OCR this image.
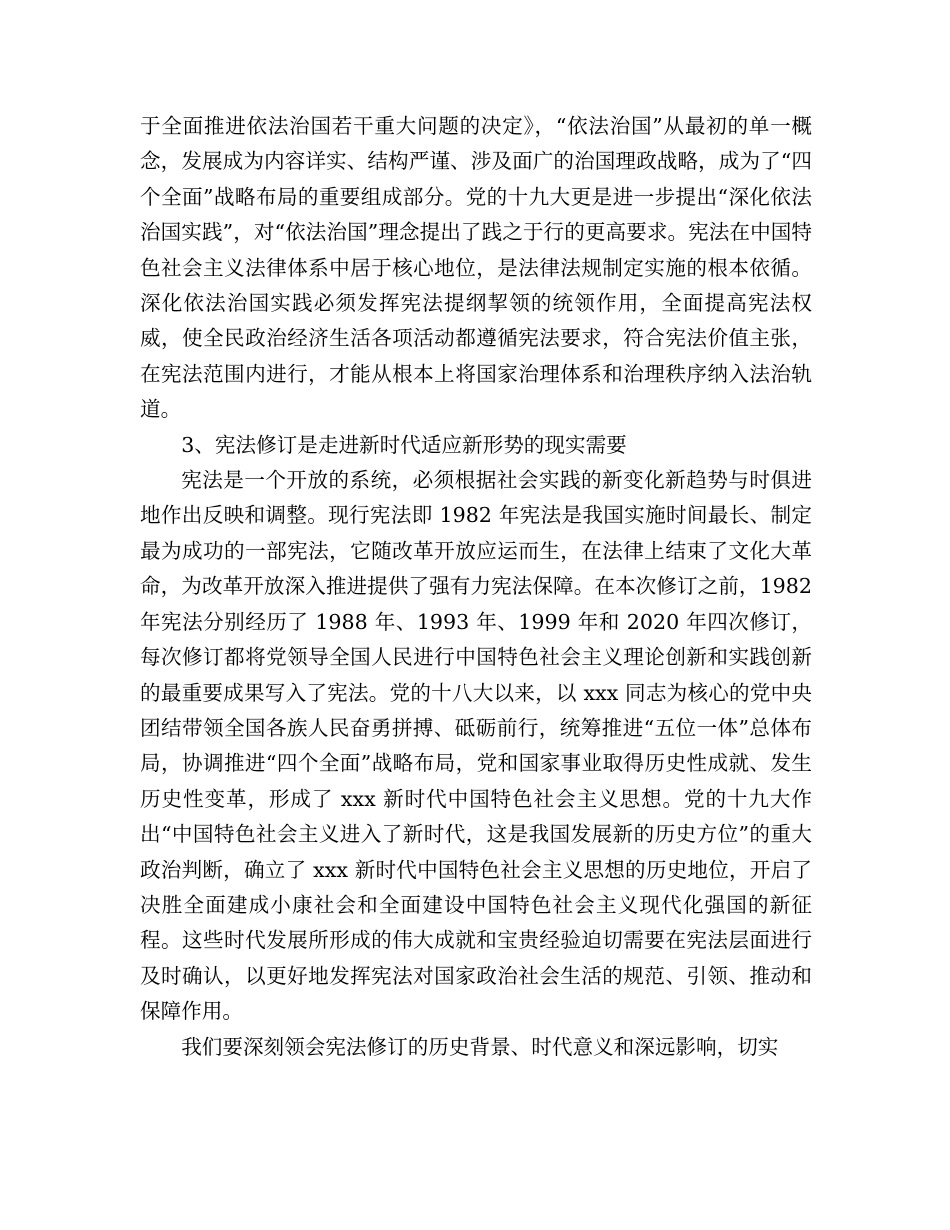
于全面推进依法治国若干重大问题的决定》，“依法治国”从最初的单一概念，发展成为内容详实、结构严谨、涉及面广的治国理政战略，成为了“四个全面”战略布局的重要组成部分。党的十九大更是进一步提出“深化依法治国实践”，对“依法治国”理念提出了践之于行的更高要求。宪法在中国特色社会主义法律体系中居于核心地位，是法律法规制定实施的根本依循。深化依法治国实践必须发挥宪法提纲挈领的统领作用，全面提高宪法权威，使全民政治经济生活各项活动都遵循宪法要求，符合宪法价值主张，在宪法范围内进行，才能从根本上将国家治理体系和治理秩序纳入法治轨道。

3、宪法修订是走进新时代适应新形势的现实需要

宪法是一个开放的系统，必须根据社会实践的新变化新趋势与时俱进地作出反映和调整。现行宪法即 1982 年宪法是我国实施时间最长、制定最为成功的一部宪法，它随改革开放应运而生，在法律上结束了文化大革命，为改革开放深入推进提供了强有力宪法保障。在本次修订之前，1982 年宪法分别经历了 1988 年、1993 年、1999 年和 2020 年四次修订，每次修订都将党领导全国人民进行中国特色社会主义理论创新和实践创新的最重要成果写入了宪法。党的十八大以来，以 xxx 同志为核心的党中央团结带领全国各族人民奋勇拼搏、砥砺前行，统筹推进“五位一体”总体布局，协调推进“四个全面”战略布局，党和国家事业取得历史性成就、发生历史性变革，形成了 xxx 新时代中国特色社会主义思想。党的十九大作出“中国特色社会主义进入了新时代，这是我国发展新的历史方位”的重大政治判断，确立了 xxx 新时代中国特色社会主义思想的历史地位，开启了决胜全面建成小康社会和全面建设中国特色社会主义现代化强国的新征程。这些时代发展所形成的伟大成就和宝贵经验迫切需要在宪法层面进行及时确认，以更好地发挥宪法对国家政治社会生活的规范、引领、推动和保障作用。

我们要深刻领会宪法修订的历史背景、时代意义和深远影响，切实
